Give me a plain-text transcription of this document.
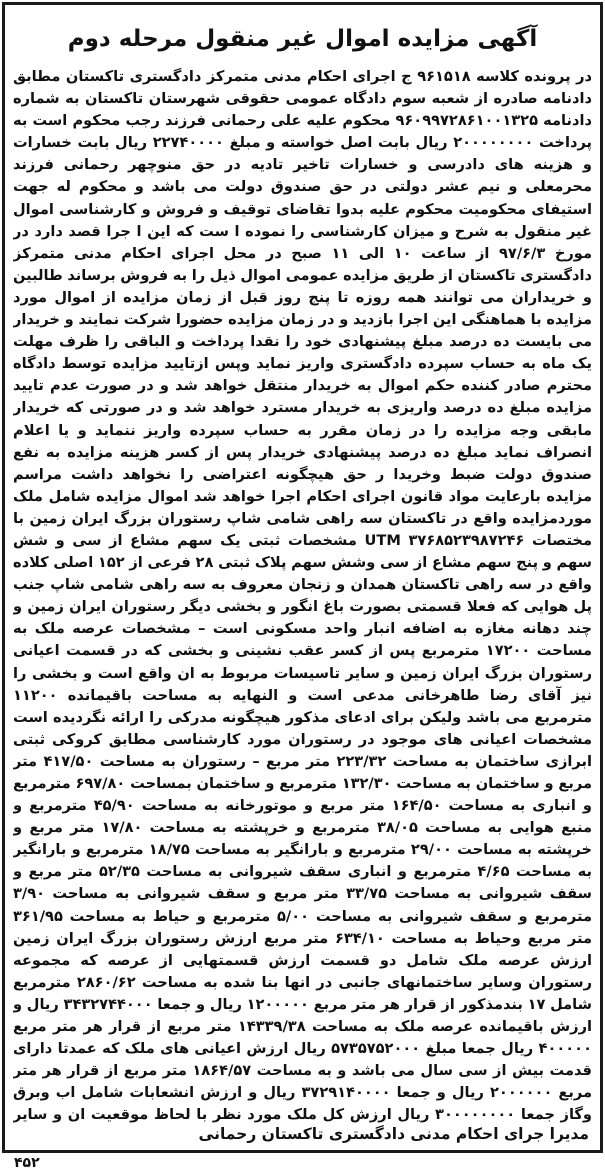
آگهی مزایده اموال غیر منقول مرحله دوم

در پرونده کلاسه ۹۶۱۵۱۸ ج اجرای احکام مدنی متمرکز دادگستری تاکستان مطابق دادنامه صادره از شعبه سوم دادگاه عمومی حقوقی شهرستان تاکستان به شماره دادنامه ۹۶۰۹۹۷۲۸۶۱۰۰۱۳۲۵ محکوم علیه علی رحمانی فرزند رجب محکوم است به پرداخت ۲۰۰۰۰۰۰۰۰ ریال بابت اصل خواسته و مبلغ ۲۲۷۴۰۰۰۰ ریال بابت خسارات و هزینه های دادرسی و خسارات تاخیر تادیه در حق منوچهر رحمانی فرزند محرمعلی و نیم عشر دولتی در حق صندوق دولت می باشد و محکوم له جهت استیفای محکومیت محکوم علیه بدوا تقاضای توقیف و فروش و کارشناسی اموال غیر منقول به شرح و میزان کارشناسی را نموده ا ست که این ا جرا قصد دارد در مورخ ۹۷/۶/۳ از ساعت ۱۰ الی ۱۱ صبح در محل اجرای احکام مدنی متمرکز دادگستری تاکستان از طریق مزایده عمومی اموال ذیل را به فروش برساند طالبین و خریداران می توانند همه روزه تا پنج روز قبل از زمان مزایده از اموال مورد مزایده با هماهنگی این اجرا بازدید و در زمان مزایده حضورا شرکت نمایند و خریدار می بایست ده درصد مبلغ پیشنهادی خود را نقدا پرداخت و الباقی را ظرف مهلت یک ماه به حساب سپرده دادگستری واریز نماید وپس ازتایید مزایده توسط دادگاه محترم صادر کننده حکم اموال به خریدار منتقل خواهد شد و در صورت عدم تایید مزایده مبلغ ده درصد واریزی به خریدار مسترد خواهد شد و در صورتی که خریدار مابقی وجه مزایده را در زمان مقرر به حساب سپرده واریز ننماید و یا اعلام انصراف نماید مبلغ ده درصد پیشنهادی خریدار پس از کسر هزینه مزایده به نفع صندوق دولت ضبط وخریدا ر حق هیچگونه اعتراضی را نخواهد داشت مراسم مزایده بارعایت مواد قانون اجرای احکام اجرا خواهد شد اموال مزایده شامل ملک موردمزایده واقع در تاکستان سه راهی شامی شاپ رستوران بزرگ ایران زمین با مختصات UTM ۳۷۶۸۵۲۳۹۸۷۲۴۶ مشخصات ثبتی یک سهم مشاع از سی و شش سهم و پنج سهم مشاع از سی وشش سهم پلاک ثبتی ۲۸ فرعی از ۱۵۲ اصلی کلاده واقع در سه راهی تاکستان همدان و زنجان معروف به سه راهی شامی شاپ جنب پل هوایی که فعلا قسمتی بصورت باغ انگور و بخشی دیگر رستوران ایران زمین و چند دهانه مغازه به اضافه انبار واحد مسکونی است – مشخصات عرصه ملک به مساحت ۱۷۲۰۰ مترمربع پس از کسر عقب نشینی و بخشی که در قسمت اعیانی رستوران بزرگ ایران زمین و سایر تاسیسات مربوط به ان واقع است و بخشی را نیز آقای رضا طاهرخانی مدعی است و النهایه به مساحت باقیمانده ۱۱۲۰۰ مترمربع می باشد ولیکن برای ادعای مذکور هیچگونه مدرکی را ارائه نگردیده است مشخصات اعیانی های موجود در رستوران مورد کارشناسی مطابق کروکی ثبتی ابرازی ساختمان به مساحت ۲۲۳/۳۲ متر مربع – رستوران به مساحت ۴۱۷/۵۰ متر مربع و ساختمان به مساحت ۱۳۲/۳۰ مترمربع و ساختمان بمساحت ۶۹۷/۸۰ مترمربع و انباری به مساحت ۱۶۴/۵۰ متر مربع و موتورخانه به مساحت ۴۵/۹۰ مترمربع و منبع هوایی به مساحت ۳۸/۰۵ مترمربع و خرپشته به مساحت ۱۷/۸۰ متر مربع و خرپشته به مساحت ۲۹/۰۰ مترمربع و بارانگیر به مساحت ۱۸/۷۵ مترمربع و بارانگیر به مساحت ۴/۶۵ مترمربع و انباری سقف شیروانی به مساحت ۵۲/۳۵ متر مربع و سقف شیروانی به مساحت ۳۳/۷۵ متر مربع و سقف شیروانی به مساحت ۳/۹۰ مترمربع و سقف شیروانی به مساحت ۵/۰۰ مترمربع و حیاط به مساحت ۳۶۱/۹۵ متر مربع وحیاط به مساحت ۶۳۴/۱۰ متر مربع ارزش رستوران بزرگ ایران زمین ارزش عرصه ملک شامل دو قسمت ارزش قسمتهایی از عرصه که مجموعه رستوران وسایر ساختمانهای جانبی در انها بنا شده به مساحت ۲۸۶۰/۶۲ مترمربع شامل ۱۷ بندمذکور از قرار هر متر مربع ۱۲۰۰۰۰۰ ریال و جمعا ۳۴۳۲۷۴۴۰۰۰ ریال و ارزش باقیمانده عرصه ملک به مساحت ۱۴۳۳۹/۳۸ متر مربع از قرار هر متر مربع ۴۰۰۰۰۰ ریال جمعا مبلغ ۵۷۳۵۷۵۲۰۰۰ ریال ارزش اعیانی های ملک که عمدتا دارای قدمت بیش از سی سال می باشد و به مساحت ۱۸۶۴/۵۷ متر مربع از قرار هر متر مربع ۲۰۰۰۰۰۰ ریال و جمعا ۳۷۲۹۱۴۰۰۰۰ ریال و ارزش انشعابات شامل اب وبرق وگاز جمعا ۳۰۰۰۰۰۰۰۰ ریال ارزش کل ملک مورد نظر با لحاظ موقعیت ان و سایر

مدیرا جرای احکام مدنی دادگستری تاکستان رحمانی

۴۵۲
